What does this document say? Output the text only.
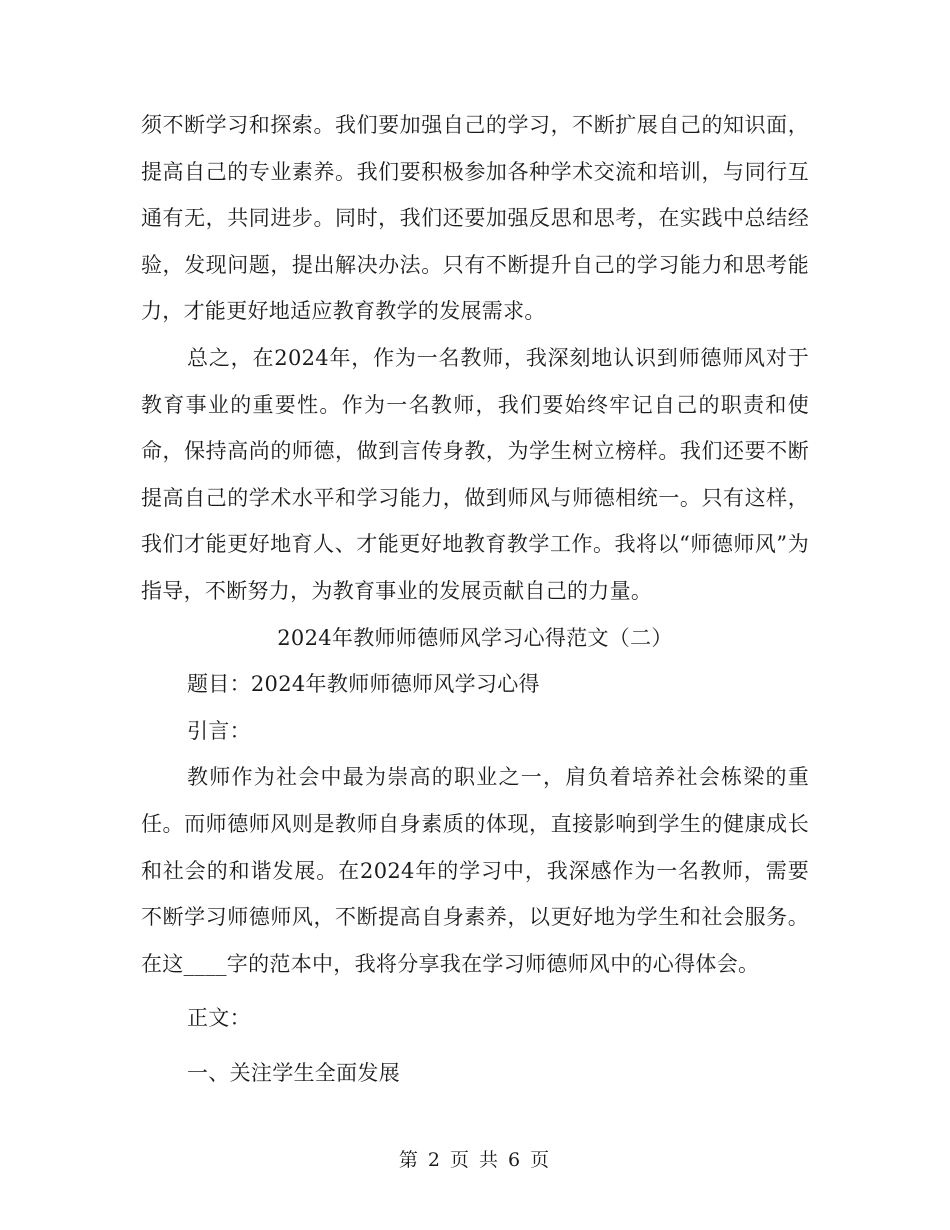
须不断学习和探索。我们要加强自己的学习，不断扩展自己的知识面，提高自己的专业素养。我们要积极参加各种学术交流和培训，与同行互通有无，共同进步。同时，我们还要加强反思和思考，在实践中总结经验，发现问题，提出解决办法。只有不断提升自己的学习能力和思考能力，才能更好地适应教育教学的发展需求。

总之，在2024年，作为一名教师，我深刻地认识到师德师风对于教育事业的重要性。作为一名教师，我们要始终牢记自己的职责和使命，保持高尚的师德，做到言传身教，为学生树立榜样。我们还要不断提高自己的学术水平和学习能力，做到师风与师德相统一。只有这样，我们才能更好地育人、才能更好地教育教学工作。我将以“师德师风”为指导，不断努力，为教育事业的发展贡献自己的力量。

2024年教师师德师风学习心得范文（二）

题目：2024年教师师德师风学习心得

引言：

教师作为社会中最为崇高的职业之一，肩负着培养社会栋梁的重任。而师德师风则是教师自身素质的体现，直接影响到学生的健康成长和社会的和谐发展。在2024年的学习中，我深感作为一名教师，需要不断学习师德师风，不断提高自身素养，以更好地为学生和社会服务。在这____字的范本中，我将分享我在学习师德师风中的心得体会。

正文：

一、关注学生全面发展

第 2 页 共 6 页
